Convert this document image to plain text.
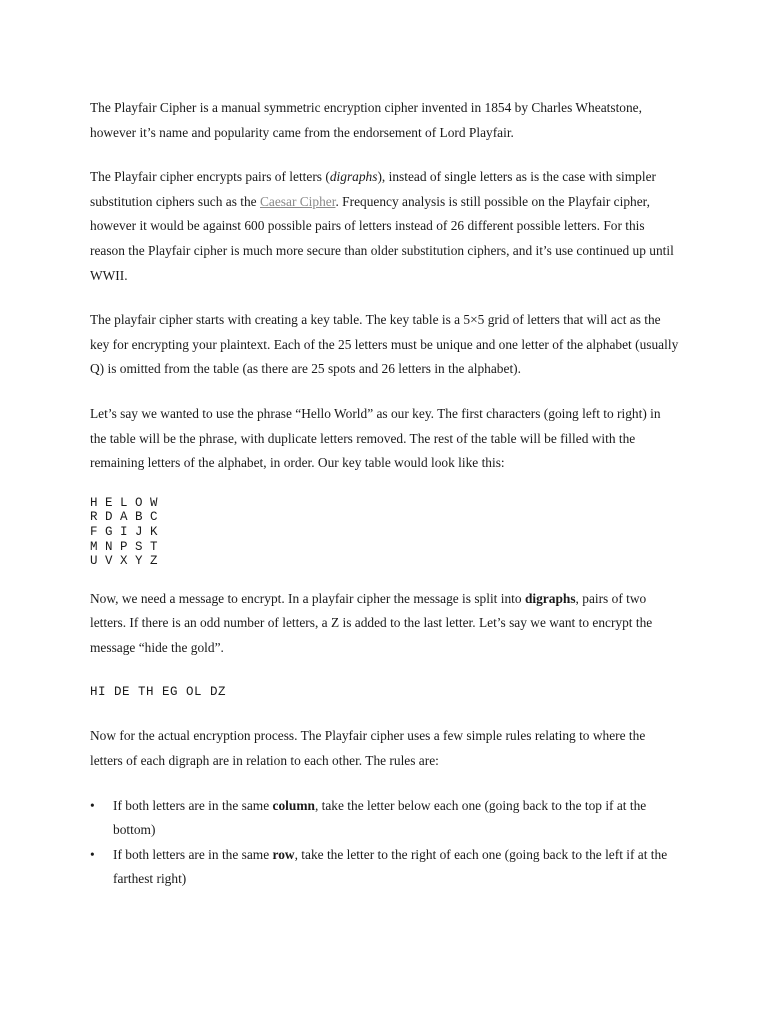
The Playfair Cipher is a manual symmetric encryption cipher invented in 1854 by Charles Wheatstone, however it’s name and popularity came from the endorsement of Lord Playfair.

The Playfair cipher encrypts pairs of letters (digraphs), instead of single letters as is the case with simpler substitution ciphers such as the Caesar Cipher. Frequency analysis is still possible on the Playfair cipher, however it would be against 600 possible pairs of letters instead of 26 different possible letters. For this reason the Playfair cipher is much more secure than older substitution ciphers, and it’s use continued up until WWII.

The playfair cipher starts with creating a key table. The key table is a 5×5 grid of letters that will act as the key for encrypting your plaintext. Each of the 25 letters must be unique and one letter of the alphabet (usually Q) is omitted from the table (as there are 25 spots and 26 letters in the alphabet).

Let’s say we wanted to use the phrase “Hello World” as our key. The first characters (going left to right) in the table will be the phrase, with duplicate letters removed. The rest of the table will be filled with the remaining letters of the alphabet, in order. Our key table would look like this:

H E L O W
R D A B C
F G I J K
M N P S T
U V X Y Z

Now, we need a message to encrypt. In a playfair cipher the message is split into digraphs, pairs of two letters. If there is an odd number of letters, a Z is added to the last letter. Let’s say we want to encrypt the message “hide the gold”.

HI DE TH EG OL DZ

Now for the actual encryption process. The Playfair cipher uses a few simple rules relating to where the letters of each digraph are in relation to each other. The rules are:

• If both letters are in the same column, take the letter below each one (going back to the top if at the bottom)
• If both letters are in the same row, take the letter to the right of each one (going back to the left if at the farthest right)
